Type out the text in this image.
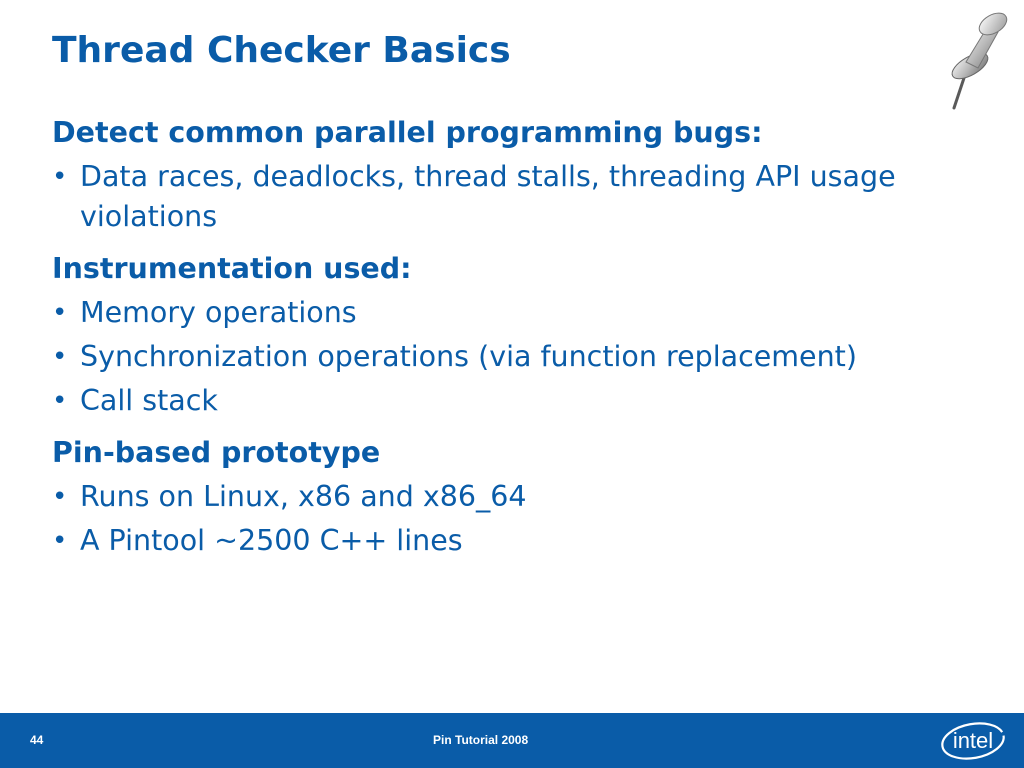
Thread Checker Basics
Detect common parallel programming bugs:
• Data races, deadlocks, thread stalls, threading API usage violations
Instrumentation used:
• Memory operations
• Synchronization operations (via function replacement)
• Call stack
Pin-based prototype
• Runs on Linux, x86 and x86_64
• A Pintool ~2500 C++ lines
44	Pin Tutorial 2008	intel
